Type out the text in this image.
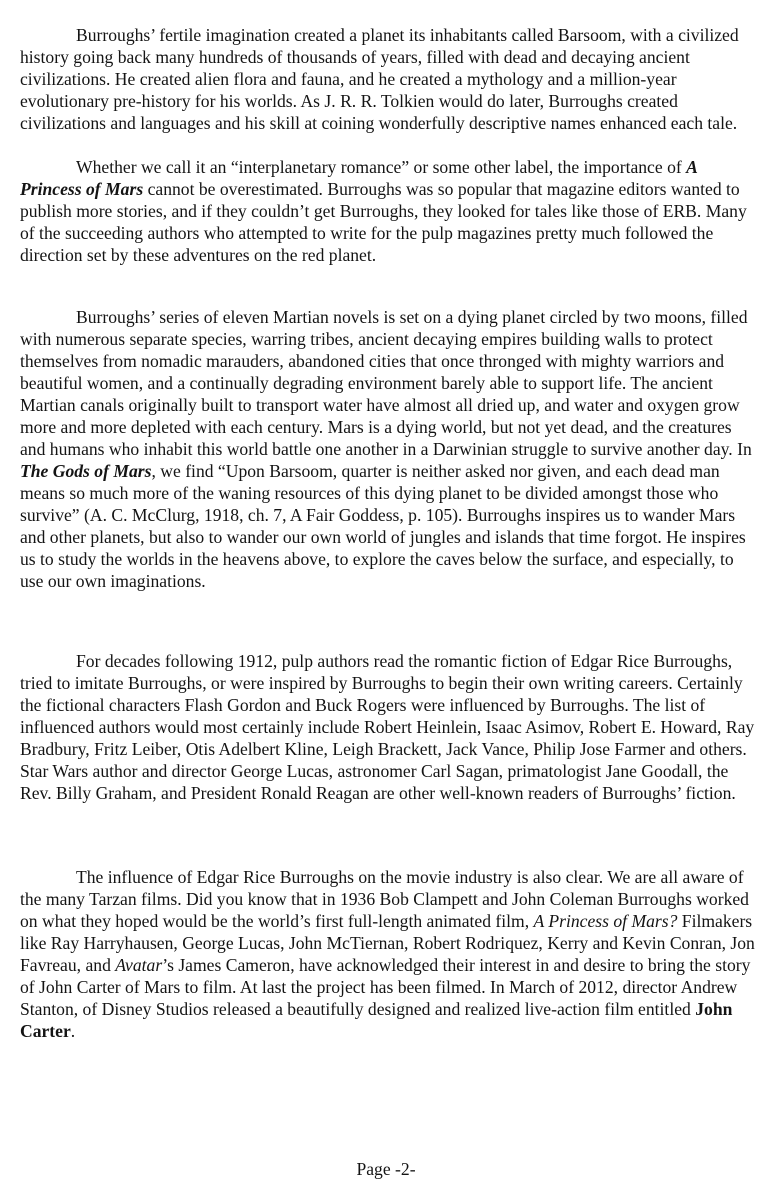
Burroughs’ fertile imagination created a planet its inhabitants called Barsoom, with a civilized history going back many hundreds of thousands of years, filled with dead and decaying ancient civilizations. He created alien flora and fauna, and he created a mythology and a million-year evolutionary pre-history for his worlds. As J. R. R. Tolkien would do later, Burroughs created civilizations and languages and his skill at coining wonderfully descriptive names enhanced each tale.

Whether we call it an “interplanetary romance” or some other label, the importance of A Princess of Mars cannot be overestimated. Burroughs was so popular that magazine editors wanted to publish more stories, and if they couldn’t get Burroughs, they looked for tales like those of ERB. Many of the succeeding authors who attempted to write for the pulp magazines pretty much followed the direction set by these adventures on the red planet.

Burroughs’ series of eleven Martian novels is set on a dying planet circled by two moons, filled with numerous separate species, warring tribes, ancient decaying empires building walls to protect themselves from nomadic marauders, abandoned cities that once thronged with mighty warriors and beautiful women, and a continually degrading environment barely able to support life. The ancient Martian canals originally built to transport water have almost all dried up, and water and oxygen grow more and more depleted with each century. Mars is a dying world, but not yet dead, and the creatures and humans who inhabit this world battle one another in a Darwinian struggle to survive another day. In The Gods of Mars, we find “Upon Barsoom, quarter is neither asked nor given, and each dead man means so much more of the waning resources of this dying planet to be divided amongst those who survive” (A. C. McClurg, 1918, ch. 7, A Fair Goddess, p. 105). Burroughs inspires us to wander Mars and other planets, but also to wander our own world of jungles and islands that time forgot. He inspires us to study the worlds in the heavens above, to explore the caves below the surface, and especially, to use our own imaginations.

For decades following 1912, pulp authors read the romantic fiction of Edgar Rice Burroughs, tried to imitate Burroughs, or were inspired by Burroughs to begin their own writing careers. Certainly the fictional characters Flash Gordon and Buck Rogers were influenced by Burroughs. The list of influenced authors would most certainly include Robert Heinlein, Isaac Asimov, Robert E. Howard, Ray Bradbury, Fritz Leiber, Otis Adelbert Kline, Leigh Brackett, Jack Vance, Philip Jose Farmer and others. Star Wars author and director George Lucas, astronomer Carl Sagan, primatologist Jane Goodall, the Rev. Billy Graham, and President Ronald Reagan are other well-known readers of Burroughs’ fiction.

The influence of Edgar Rice Burroughs on the movie industry is also clear. We are all aware of the many Tarzan films. Did you know that in 1936 Bob Clampett and John Coleman Burroughs worked on what they hoped would be the world’s first full-length animated film, A Princess of Mars? Filmakers like Ray Harryhausen, George Lucas, John McTiernan, Robert Rodriquez, Kerry and Kevin Conran, Jon Favreau, and Avatar’s James Cameron, have acknowledged their interest in and desire to bring the story of John Carter of Mars to film. At last the project has been filmed. In March of 2012, director Andrew Stanton, of Disney Studios released a beautifully designed and realized live-action film entitled John Carter.

Page -2-
